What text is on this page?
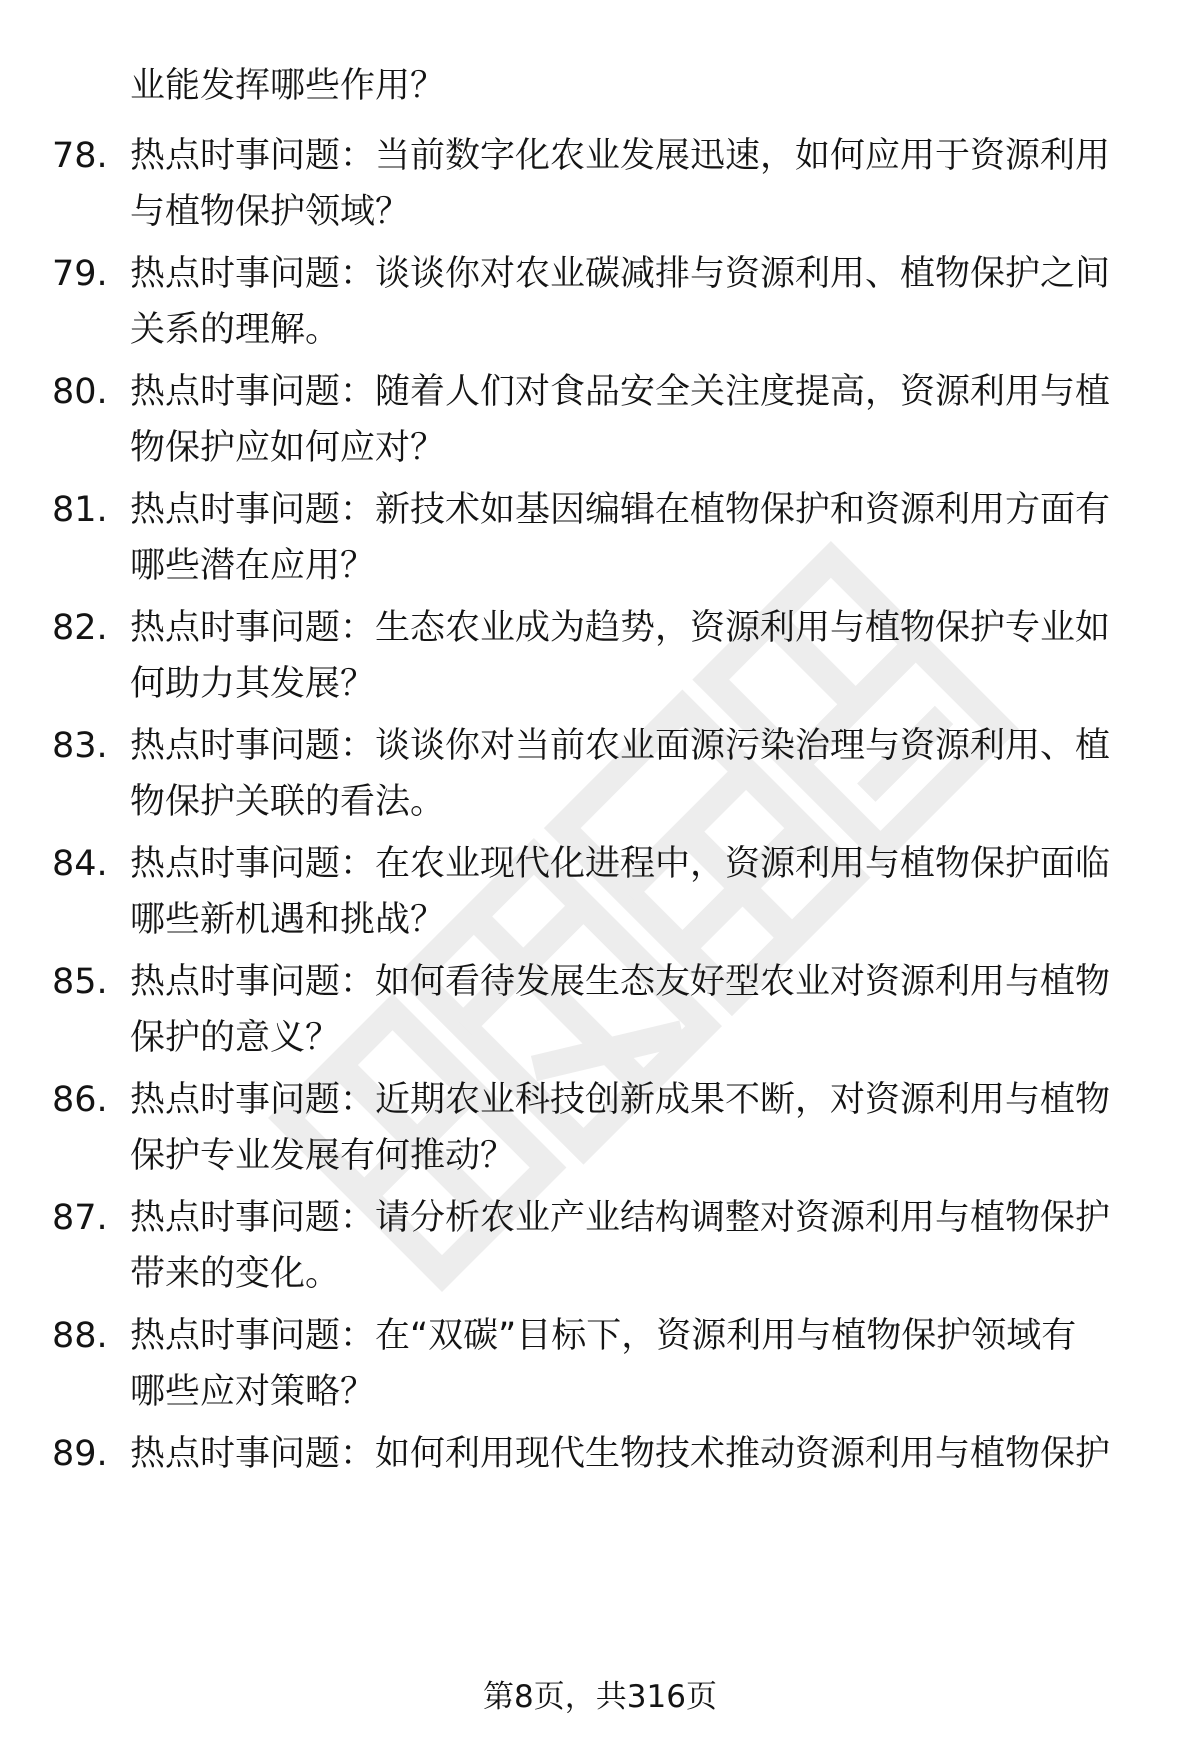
业能发挥哪些作用？
78. 热点时事问题：当前数字化农业发展迅速，如何应用于资源利用
与植物保护领域？
79. 热点时事问题：谈谈你对农业碳减排与资源利用、植物保护之间
关系的理解。
80. 热点时事问题：随着人们对食品安全关注度提高，资源利用与植
物保护应如何应对？
81. 热点时事问题：新技术如基因编辑在植物保护和资源利用方面有
哪些潜在应用？
82. 热点时事问题：生态农业成为趋势，资源利用与植物保护专业如
何助力其发展？
83. 热点时事问题：谈谈你对当前农业面源污染治理与资源利用、植
物保护关联的看法。
84. 热点时事问题：在农业现代化进程中，资源利用与植物保护面临
哪些新机遇和挑战？
85. 热点时事问题：如何看待发展生态友好型农业对资源利用与植物
保护的意义？
86. 热点时事问题：近期农业科技创新成果不断，对资源利用与植物
保护专业发展有何推动？
87. 热点时事问题：请分析农业产业结构调整对资源利用与植物保护
带来的变化。
88. 热点时事问题：在“双碳”目标下，资源利用与植物保护领域有
哪些应对策略？
89. 热点时事问题：如何利用现代生物技术推动资源利用与植物保护
第8页，共316页
